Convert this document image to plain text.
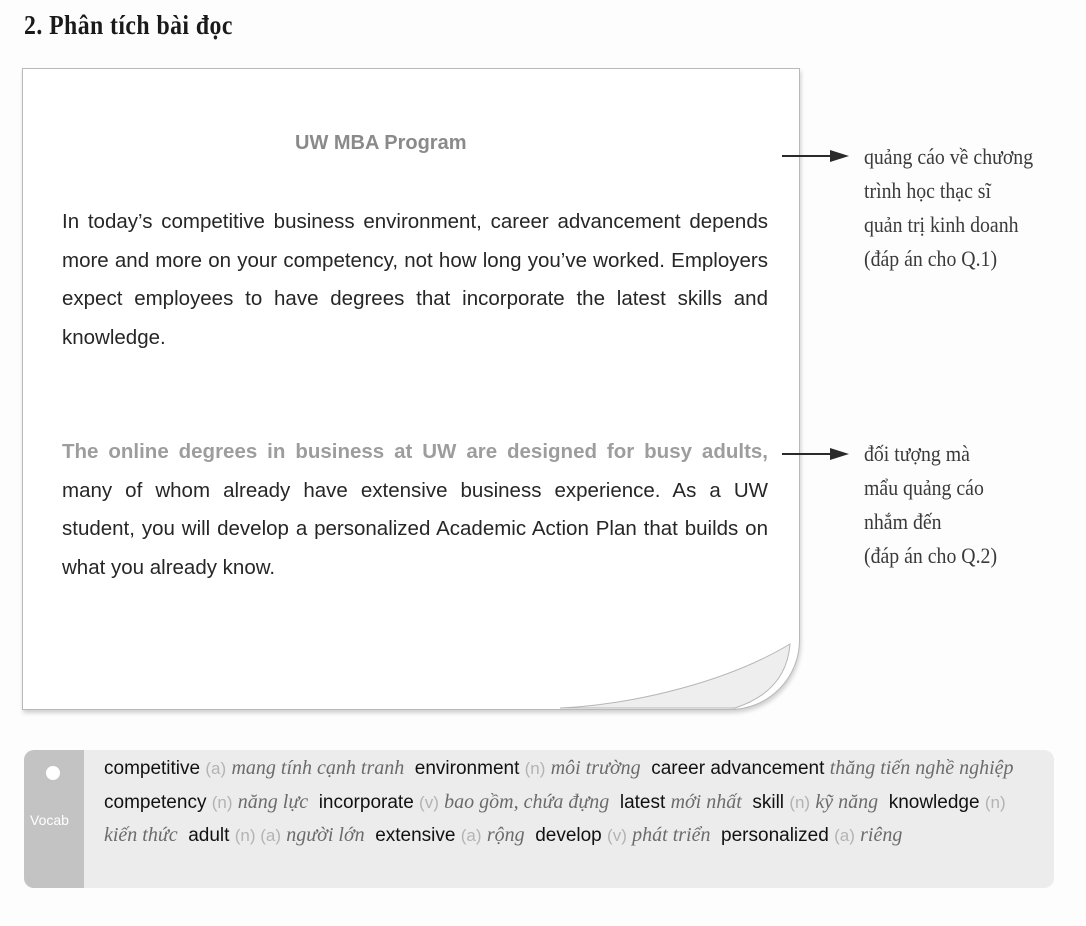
2. Phân tích bài đọc
UW MBA Program
In today’s competitive business environment, career advancement depends more and more on your competency, not how long you’ve worked. Employers expect employees to have degrees that incorporate the latest skills and knowledge.
The online degrees in business at UW are designed for busy adults, many of whom already have extensive business experience. As a UW student, you will develop a personalized Academic Action Plan that builds on what you already know.
quảng cáo về chương
trình học thạc sĩ
quản trị kinh doanh
(đáp án cho Q.1)
đối tượng mà
mẩu quảng cáo
nhắm đến
(đáp án cho Q.2)
Vocab
competitive (a) mang tính cạnh tranh environment (n) môi trường career advancement thăng tiến nghề nghiệp  competency (n) năng lực incorporate (v) bao gồm, chứa đựng latest mới nhất skill (n) kỹ năng knowledge (n) kiến thức adult (n) (a) người lớn extensive (a) rộng develop (v) phát triển personalized (a) riêng
